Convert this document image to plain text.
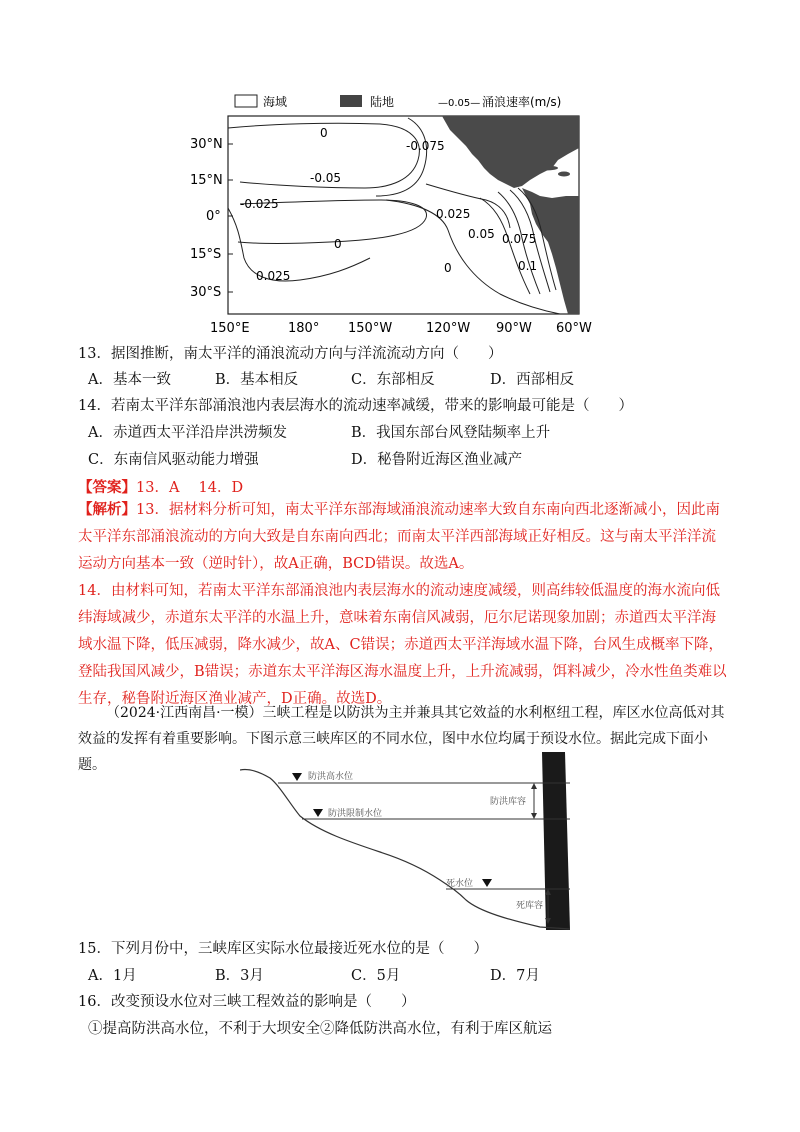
海域	陆地	—0.05— 涌浪速率(m/s)
0
-0.075
-0.05
-0.025
0.025
0
0.05 0.075
0.1
0.025
0
30°N
15°N
0°
15°S
30°S
150°E	180° 150°W	120°W 90°W 60°W
13．据图推断，南太平洋的涌浪流动方向与洋流流动方向（　　）
A．基本一致	B．基本相反	C．东部相反	D．西部相反
14．若南太平洋东部涌浪池内表层海水的流动速率减缓，带来的影响最可能是（　　）
A．赤道西太平洋沿岸洪涝频发	B．我国东部台风登陆频率上升
C．东南信风驱动能力增强	D．秘鲁附近海区渔业减产
【答案】13．A　 14．D
【解析】13．据材料分析可知，南太平洋东部海域涌浪流动速率大致自东南向西北逐渐减小，因此南太平洋东部涌浪流动的方向大致是自东南向西北；而南太平洋西部海域正好相反。这与南太平洋洋流运动方向基本一致（逆时针），故A正确，BCD错误。故选A。
14．由材料可知，若南太平洋东部涌浪池内表层海水的流动速度减缓，则高纬较低温度的海水流向低纬海域减少，赤道东太平洋的水温上升，意味着东南信风减弱，厄尔尼诺现象加剧；赤道西太平洋海域水温下降，低压减弱，降水减少，故A、C错误；赤道西太平洋海域水温下降，台风生成概率下降，登陆我国风减少，B错误；赤道东太平洋海区海水温度上升，上升流减弱，饵料减少，冷水性鱼类难以生存，秘鲁附近海区渔业减产，D正确。故选D。
（2024·江西南昌·一模）三峡工程是以防洪为主并兼具其它效益的水利枢纽工程，库区水位高低对其效益的发挥有着重要影响。下图示意三峡库区的不同水位，图中水位均属于预设水位。据此完成下面小题。
防洪高水位
防洪库容
防洪限制水位
死水位
死库容
15．下列月份中，三峡库区实际水位最接近死水位的是（　　）
A．1月	B．3月	C．5月	D．7月
16．改变预设水位对三峡工程效益的影响是（　　）
①提高防洪高水位，不利于大坝安全②降低防洪高水位，有利于库区航运
